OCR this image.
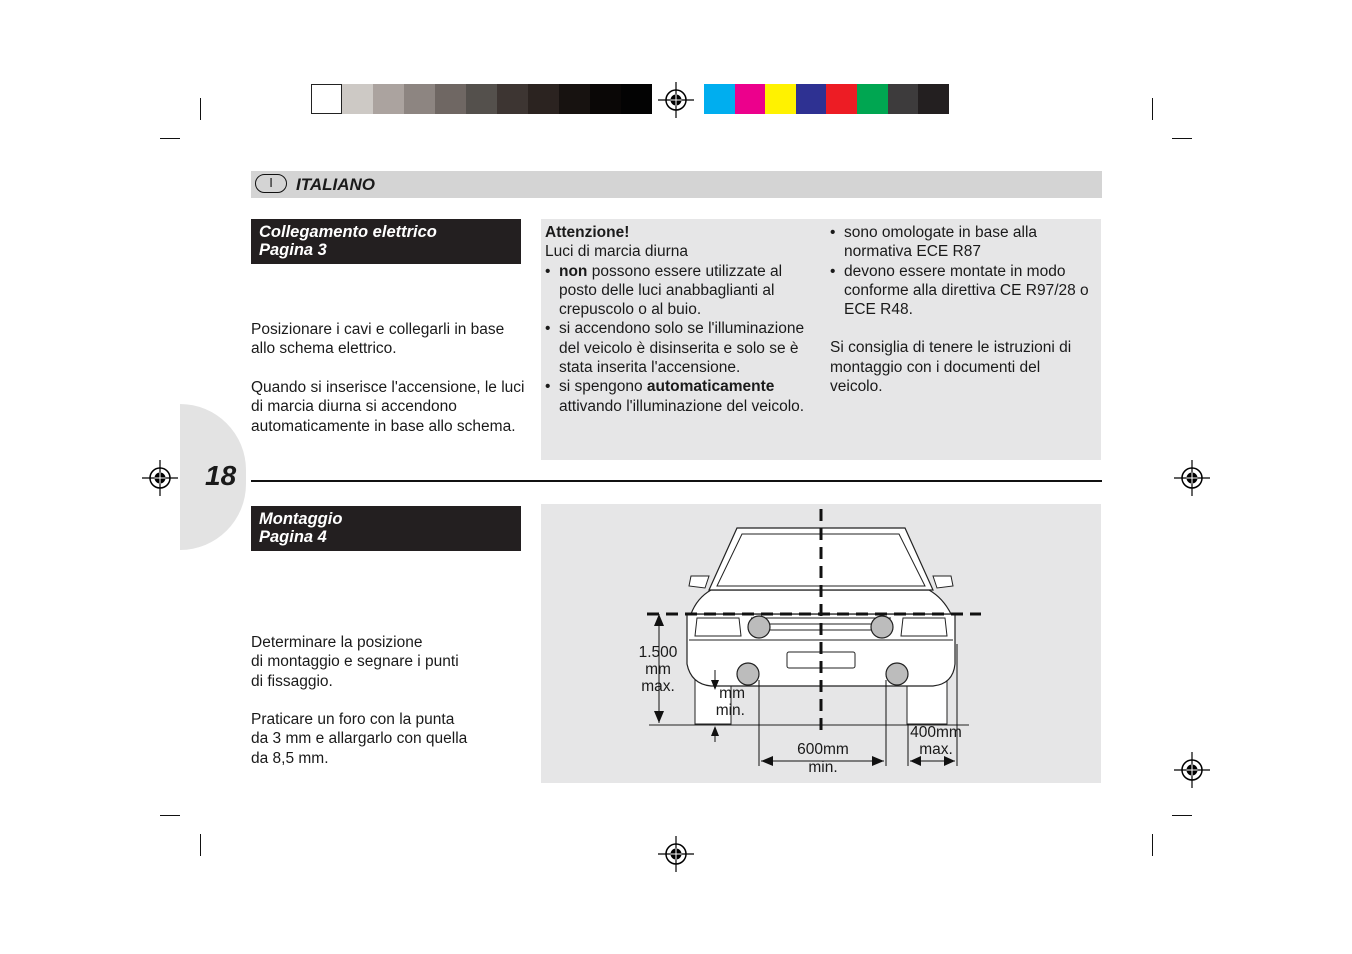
I	ITALIANO
18
Collegamento elettrico
Pagina 3
Posizionare i cavi e collegarli in base allo schema elettrico.
Quando si inserisce l'accensione, le luci di marcia diurna si accendono automaticamente in base allo schema.
Attenzione!
Luci di marcia diurna
• non possono essere utilizzate al posto delle luci anabbaglianti al crepuscolo o al buio.
• si accendono solo se l'illuminazione del veicolo è disinserita e solo se è stata inserita l'accensione.
• si spengono automaticamente attivando l'illuminazione del veicolo.
• sono omologate in base alla normativa ECE R87
• devono essere montate in modo conforme alla direttiva CE R97/28 o ECE R48.
Si consiglia di tenere le istruzioni di montaggio con i documenti del veicolo.
Montaggio
Pagina 4
Determinare la posizione
di montaggio e segnare i punti
di fissaggio.
Praticare un foro con la punta
da 3 mm e allargarlo con quella
da 8,5 mm.
1.500
mm
max.	mm
min.
600mm
min.
400mm
max.
